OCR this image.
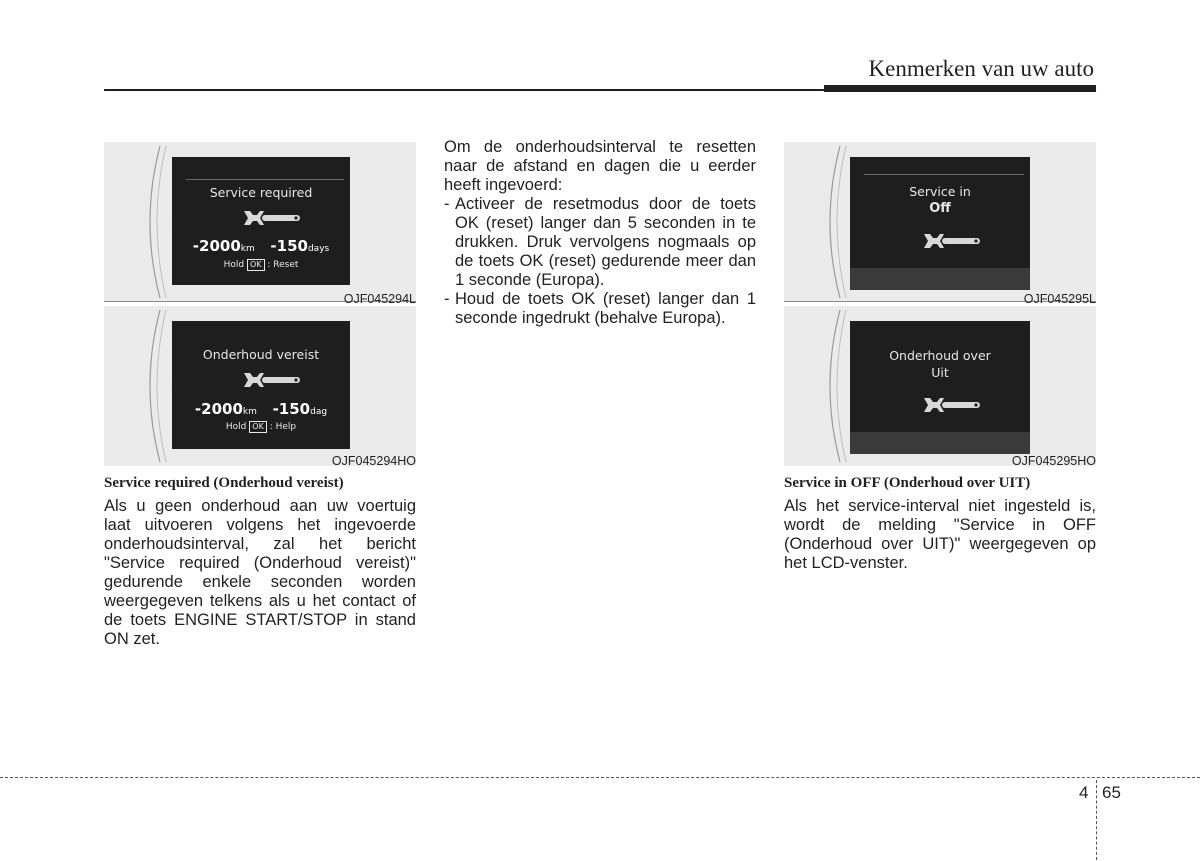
Kenmerken van uw auto
Service required
-2000km -150days
Hold OK : Reset
OJF045294L
Onderhoud vereist
-2000km -150dag
Hold OK : Help
OJF045294HO
Service in
Off
OJF045295L
Onderhoud over
Uit
OJF045295HO
Service required (Onderhoud vereist)

Als u geen onderhoud aan uw voertuig laat uitvoeren volgens het ingevoerde onderhoudsinterval, zal het bericht "Service required (Onderhoud vereist)" gedurende enkele seconden worden weergegeven telkens als u het contact of de toets ENGINE START/STOP in stand ON zet.

Om de onderhoudsinterval te resetten naar de afstand en dagen die u eerder heeft ingevoerd:

- Activeer de resetmodus door de toets OK (reset) langer dan 5 seconden in te drukken. Druk vervolgens nogmaals op de toets OK (reset) gedurende meer dan 1 seconde (Europa).
- Houd de toets OK (reset) langer dan 1 seconde ingedrukt (behalve Europa).
Service in OFF (Onderhoud over UIT)

Als het service-interval niet ingesteld is, wordt de melding "Service in OFF (Onderhoud over UIT)" weergegeven op het LCD-venster.

4 65
